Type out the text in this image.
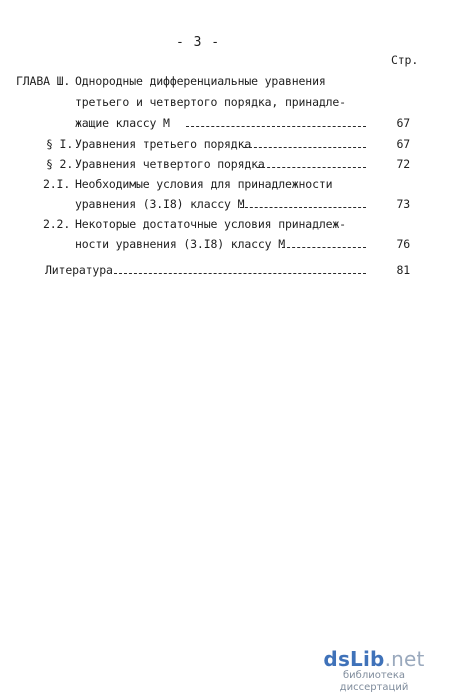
- 3 -
Стр.
ГЛАВА Ш. Однородные дифференциальные уравнения
третьего и четвертого порядка, принадле-
жащие классу М	67
§ I. Уравнения третьего порядка	67
§ 2. Уравнения четвертого порядка	72
2.I. Необходимые условия для принадлежности
уравнения (3.I8) классу М	73
2.2. Некоторые достаточные условия принадлеж-
ности уравнения (3.I8) классу М	76
Литература	81
dsLib.net
библиотека диссертаций
